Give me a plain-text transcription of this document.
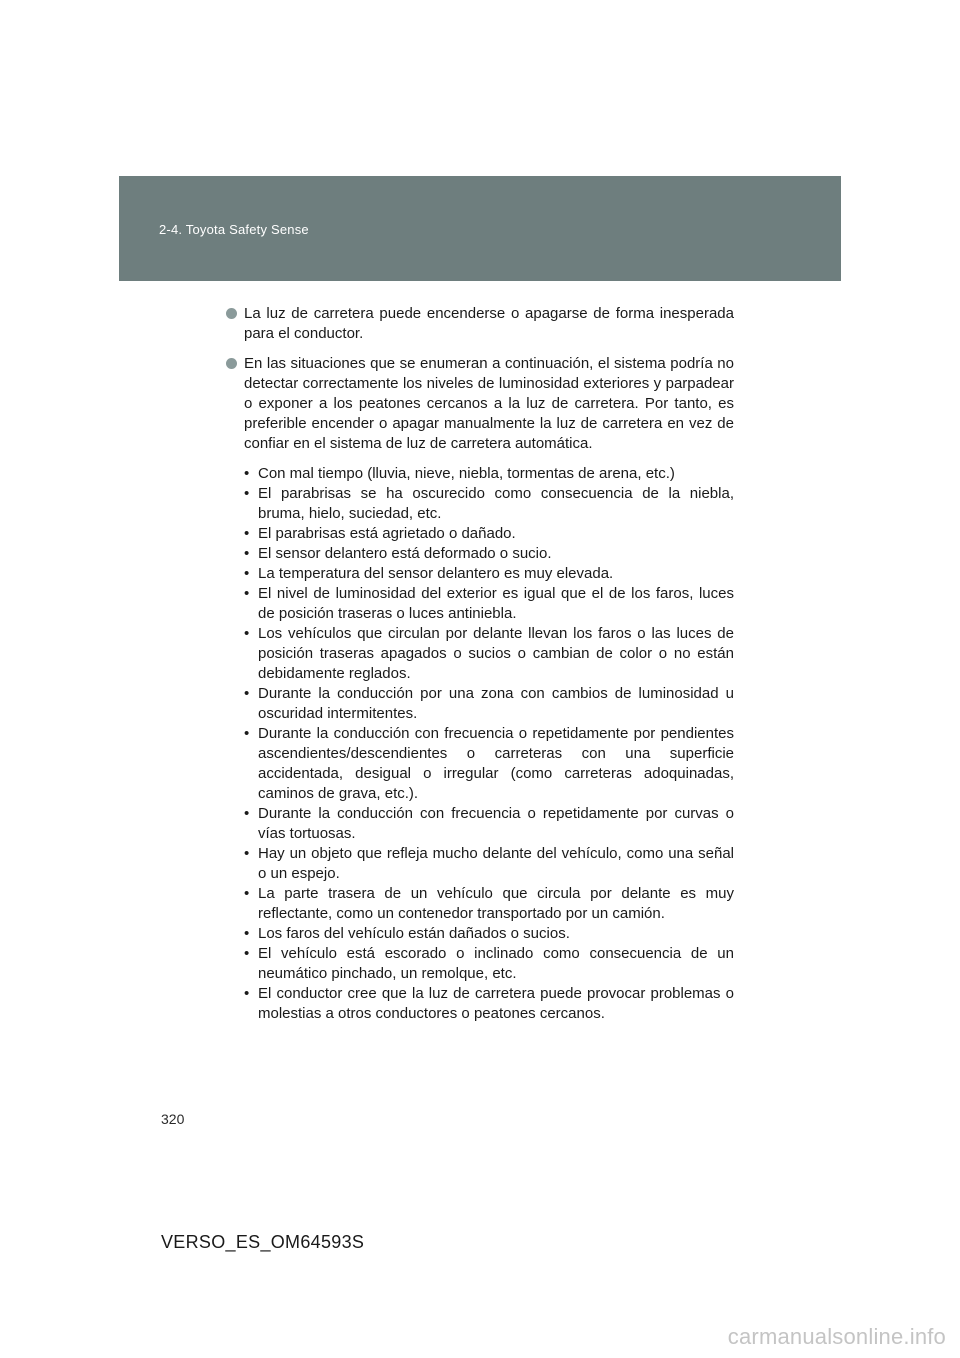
2-4. Toyota Safety Sense
La luz de carretera puede encenderse o apagarse de forma inesperada para el conductor.
En las situaciones que se enumeran a continuación, el sistema podría no detectar correctamente los niveles de luminosidad exteriores y parpadear o exponer a los peatones cercanos a la luz de carretera. Por tanto, es preferible encender o apagar manualmente la luz de carretera en vez de confiar en el sistema de luz de carretera automática.
• Con mal tiempo (lluvia, nieve, niebla, tormentas de arena, etc.)
• El parabrisas se ha oscurecido como consecuencia de la niebla, bruma, hielo, suciedad, etc.
• El parabrisas está agrietado o dañado.
• El sensor delantero está deformado o sucio.
• La temperatura del sensor delantero es muy elevada.
• El nivel de luminosidad del exterior es igual que el de los faros, luces de posición traseras o luces antiniebla.
• Los vehículos que circulan por delante llevan los faros o las luces de posición traseras apagados o sucios o cambian de color o no están debidamente reglados.
• Durante la conducción por una zona con cambios de luminosidad u oscuridad intermitentes.
• Durante la conducción con frecuencia o repetidamente por pendientes ascendientes/descendientes o carreteras con una superficie accidentada, desigual o irregular (como carreteras adoquinadas, caminos de grava, etc.).
• Durante la conducción con frecuencia o repetidamente por curvas o vías tortuosas.
• Hay un objeto que refleja mucho delante del vehículo, como una señal o un espejo.
• La parte trasera de un vehículo que circula por delante es muy reflectante, como un contenedor transportado por un camión.
• Los faros del vehículo están dañados o sucios.
• El vehículo está escorado o inclinado como consecuencia de un neumático pinchado, un remolque, etc.
• El conductor cree que la luz de carretera puede provocar problemas o molestias a otros conductores o peatones cercanos.
320
VERSO_ES_OM64593S
carmanualsonline.info
